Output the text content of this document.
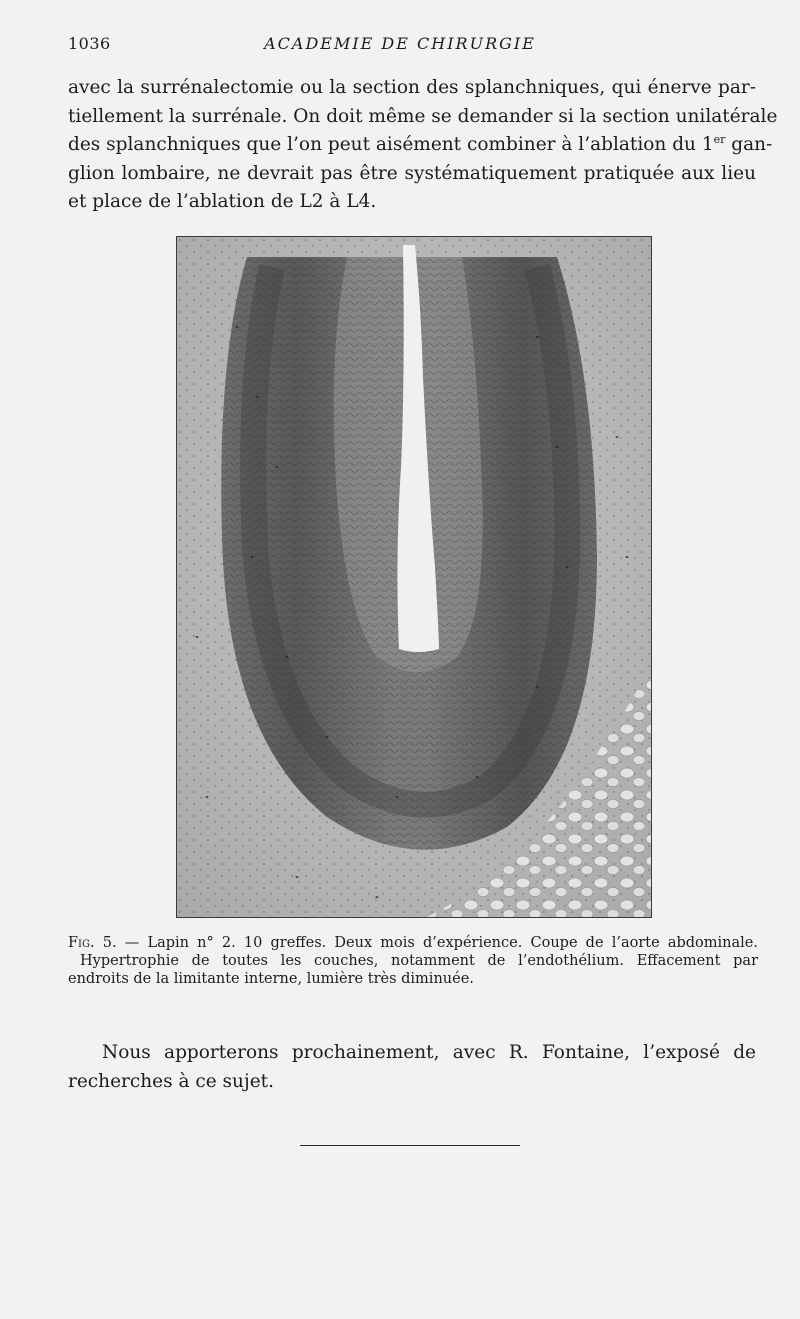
1036	ACADEMIE DE CHIRURGIE
avec la surrénalectomie ou la section des splanchniques, qui énerve par-
tiellement la surrénale. On doit même se demander si la section unilatérale
des splanchniques que l’on peut aisément combiner à l’ablation du 1er gan-
glion lombaire, ne devrait pas être systématiquement pratiquée aux lieu
et place de l’ablation de L2 à L4.
Fig. 5. — Lapin n° 2. 10 greffes. Deux mois d’expérience. Coupe de l’aorte abdominale.
Hypertrophie de toutes les couches, notamment de l’endothélium. Effacement par
endroits de la limitante interne, lumière très diminuée.
Nous apporterons prochainement, avec R. Fontaine, l’exposé de
recherches à ce sujet.
